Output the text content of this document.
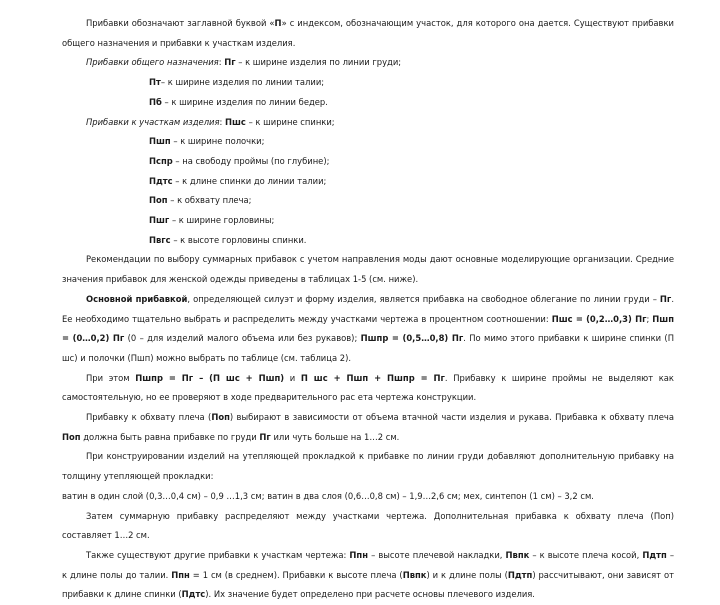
Прибавки обозначают заглавной буквой «П» с индексом, обозначающим участок, для которого она дается. Существуют прибавки общего назначения и прибавки к участкам изделия.

Прибавки общего назначения: Пг – к ширине изделия по линии груди;

Пт– к ширине изделия по линии талии;

Пб – к ширине изделия по линии бедер.

Прибавки к участкам изделия: Пшс – к ширине спинки;

Пшп – к ширине полочки;

Пспр – на свободу проймы (по глубине);

Пдтс – к длине спинки до линии талии;

Поп – к обхвату плеча;

Пшг – к ширине горловины;

Пвгс – к высоте горловины спинки.

Рекомендации по выбору суммарных прибавок с учетом направления моды дают основные моделирующие организации. Средние значения прибавок для женской одежды приведены в таблицах 1-5 (см. ниже).

Основной прибавкой, определяющей силуэт и форму изделия, является прибавка на свободное облегание по линии груди – Пг. Ее необходимо тщательно выбрать и распределить между участками чертежа в процентном соотношении: Пшс = (0,2…0,3) Пг; Пшп = (0…0,2) Пг (0 – для изделий малого объема или без рукавов); Пшпр = (0,5…0,8) Пг. По мимо этого прибавки к ширине спинки (П шс) и полочки (Пшп) можно выбрать по таблице (см. таблица 2).

При этом Пшпр = Пг – (П шс + Пшп) и П шс + Пшп + Пшпр = Пг. Прибавку к ширине проймы не выделяют как самостоятельную, но ее проверяют в ходе предварительного рас ета чертежа конструкции.

Прибавку к обхвату плеча (Поп) выбирают в зависимости от объема втачной части изделия и рукава. Прибавка к обхвату плеча Поп должна быть равна прибавке по груди Пг или чуть больше на 1…2 см.

При конструировании изделий на утепляющей прокладкой к прибавке по линии груди добавляют дополнительную прибавку на толщину утепляющей прокладки:

ватин в один слой (0,3…0,4 см) – 0,9 …1,3 см; ватин в два слоя (0,6…0,8 см) – 1,9…2,6 см; мех, синтепон (1 см) – 3,2 см.

Затем суммарную прибавку распределяют между участками чертежа. Дополнительная прибавка к обхвату плеча (Поп) составляет 1…2 см.

Также существуют другие прибавки к участкам чертежа: Ппн – высоте плечевой накладки, Пвпк – к высоте плеча косой, Пдтп – к длине полы до талии. Ппн = 1 см (в среднем). Прибавки к высоте плеча (Пвпк) и к длине полы (Пдтп) рассчитывают, они зависят от прибавки к длине спинки (Пдтс). Их значение будет определено при расчете основы плечевого изделия.
